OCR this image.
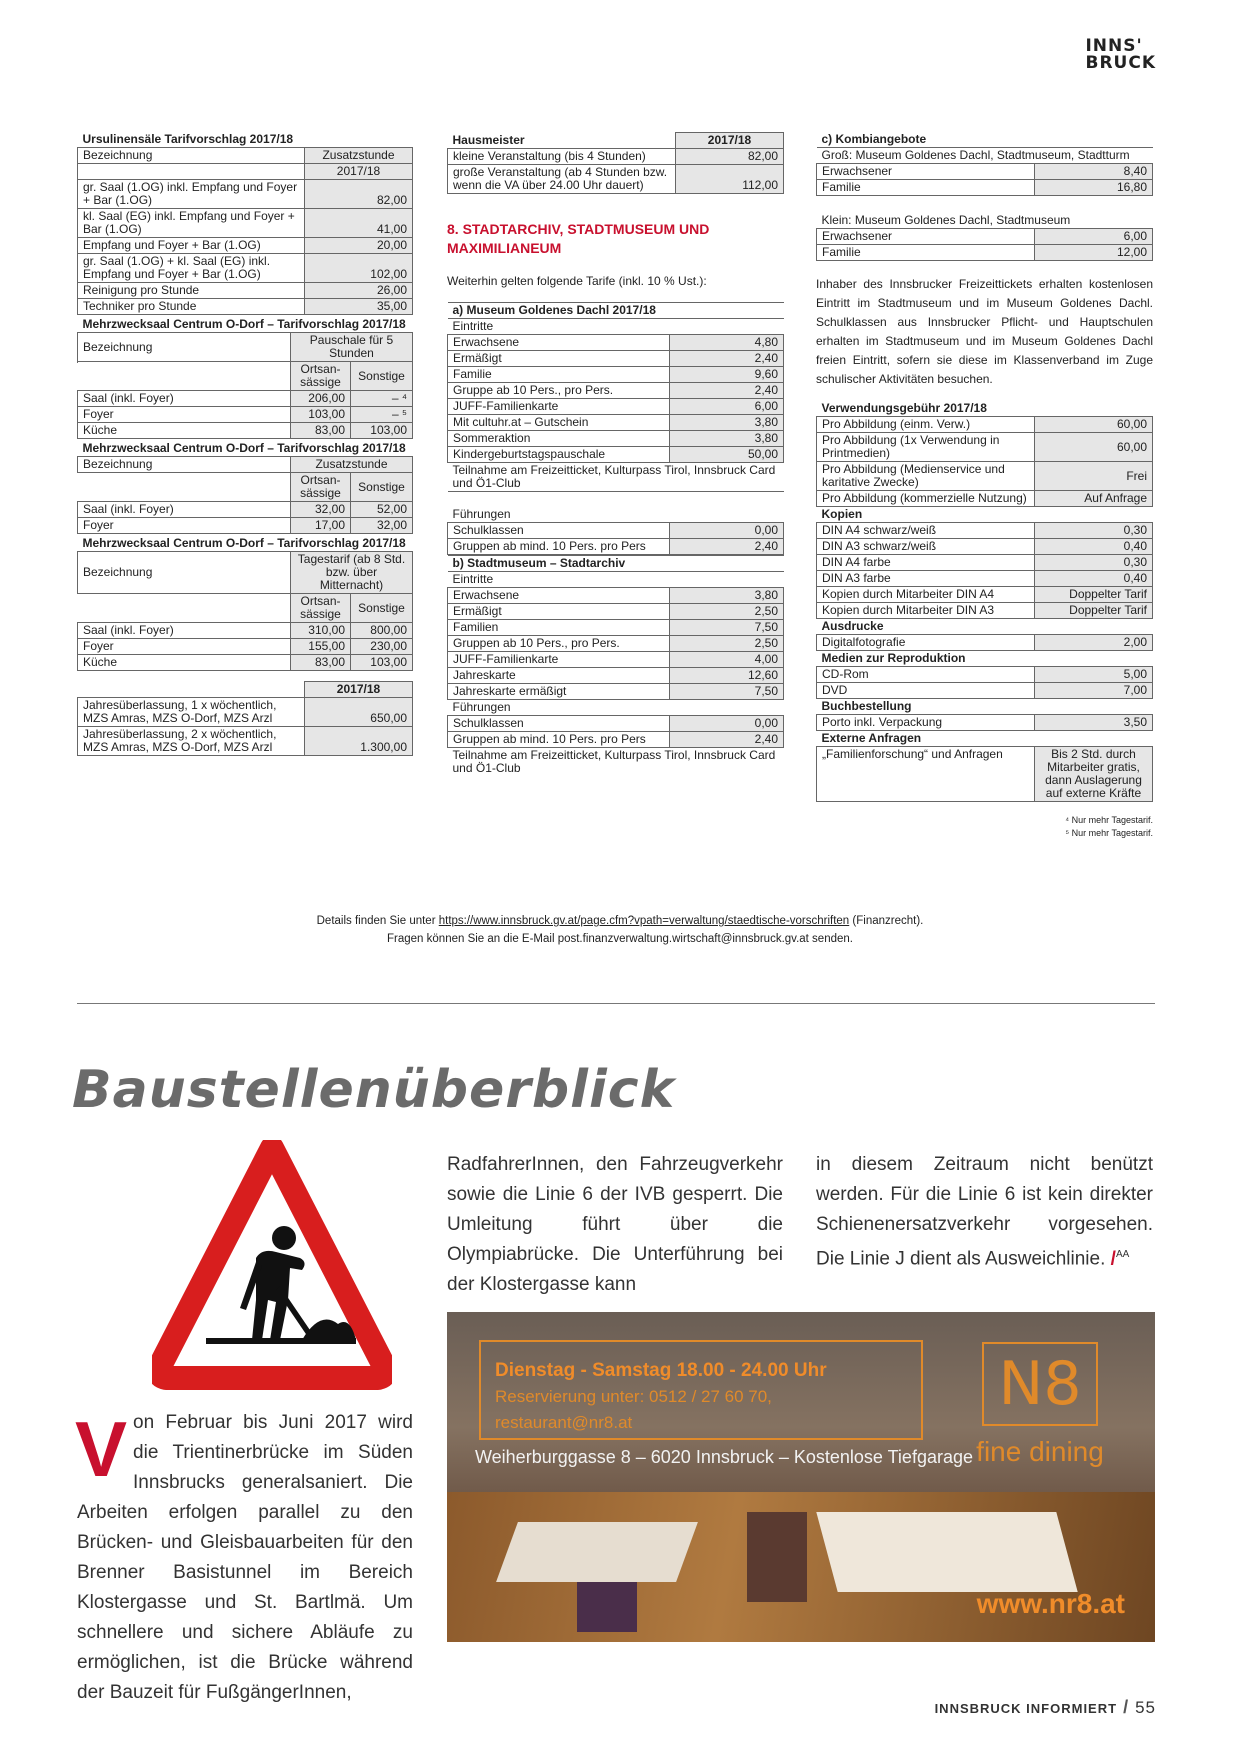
INNS'
BRUCK
Ursulinensäle Tarifvorschlag 2017/18	
Bezeichnung	Zusatzstunde
	2017/18
gr. Saal (1.OG) inkl. Empfang und Foyer + Bar (1.OG)	82,00
kl. Saal (EG) inkl. Empfang und Foyer + Bar (1.OG)	41,00
Empfang und Foyer + Bar (1.OG)	20,00
gr. Saal (1.OG) + kl. Saal (EG) inkl. Empfang und Foyer + Bar (1.OG)	102,00
Reinigung pro Stunde	26,00
Techniker pro Stunde	35,00
Mehrzwecksaal Centrum O-Dorf – Tarifvorschlag 2017/18		
Bezeichnung	Pauschale für 5 Stunden	

	Ortsan-sässige	Sonstige
Saal (inkl. Foyer)	206,00	– ⁴
Foyer	103,00	– ⁵
Küche	83,00	103,00
Mehrzwecksaal Centrum O-Dorf – Tarifvorschlag 2017/18		
Bezeichnung	Zusatzstunde	
	Ortsan-sässige	Sonstige
Saal (inkl. Foyer)	32,00	52,00
Foyer	17,00	32,00
Mehrzwecksaal Centrum O-Dorf – Tarifvorschlag 2017/18		
Bezeichnung	Tagestarif (ab 8 Std. bzw. über Mitternacht)	
	Ortsan-sässige	Sonstige
Saal (inkl. Foyer)	310,00	800,00
Foyer	155,00	230,00
Küche	83,00	103,00
	2017/18
Jahresüberlassung, 1 x wöchentlich, MZS Amras, MZS O-Dorf, MZS Arzl	650,00
Jahresüberlassung, 2 x wöchentlich, MZS Amras, MZS O-Dorf, MZS Arzl	1.300,00
Hausmeister	2017/18
kleine Veranstaltung (bis 4 Stunden)	82,00
große Veranstaltung (ab 4 Stunden bzw. wenn die VA über 24.00 Uhr dauert)	112,00
8. STADTARCHIV, STADTMUSEUM UND MAXIMILIANEUM
Weiterhin gelten folgende Tarife (inkl. 10 % Ust.):
a) Museum Goldenes Dachl 2017/18	
Eintritte	
Erwachsene	4,80
Ermäßigt	2,40
Familie	9,60
Gruppe ab 10 Pers., pro Pers.	2,40
JUFF-Familienkarte	6,00
Mit cultuhr.at – Gutschein	3,80
Sommeraktion	3,80
Kindergeburtstagspauschale	50,00
Teilnahme am Freizeitticket, Kulturpass Tirol, Innsbruck Card und Ö1-Club	
Führungen	
Schulklassen	0,00
Gruppen ab mind. 10 Pers. pro Pers	2,40
b) Stadtmuseum – Stadtarchiv	
Eintritte	
Erwachsene	3,80
Ermäßigt	2,50
Familien	7,50
Gruppen ab 10 Pers., pro Pers.	2,50
JUFF-Familienkarte	4,00
Jahreskarte	12,60
Jahreskarte ermäßigt	7,50
Führungen	
Schulklassen	0,00
Gruppen ab mind. 10 Pers. pro Pers	2,40
Teilnahme am Freizeitticket, Kulturpass Tirol, Innsbruck Card und Ö1-Club	
c) Kombiangebote	
Groß: Museum Goldenes Dachl, Stadtmuseum, Stadtturm	
Erwachsener	8,40
Familie	16,80
Klein: Museum Goldenes Dachl, Stadtmuseum	
Erwachsener	6,00
Familie	12,00

Inhaber des Innsbrucker Freizeittickets erhalten kostenlosen Eintritt im Stadtmuseum und im Museum Goldenes Dachl. Schulklassen aus Innsbrucker Pflicht- und Hauptschulen erhalten im Stadtmuseum und im Museum Goldenes Dachl freien Eintritt, sofern sie diese im Klassenverband im Zuge schulischer Aktivitäten besuchen.

Verwendungsgebühr 2017/18	
Pro Abbildung (einm. Verw.)	60,00
Pro Abbildung (1x Verwendung in Printmedien)	60,00
Pro Abbildung (Medienservice und karitative Zwecke)	Frei
Pro Abbildung (kommerzielle Nutzung)	Auf Anfrage
Kopien	
DIN A4 schwarz/weiß	0,30
DIN A3 schwarz/weiß	0,40
DIN A4 farbe	0,30
DIN A3 farbe	0,40
Kopien durch Mitarbeiter DIN A4	Doppelter Tarif
Kopien durch Mitarbeiter DIN A3	Doppelter Tarif
Ausdrucke	
Digitalfotografie	2,00
Medien zur Reproduktion	
CD-Rom	5,00
DVD	7,00
Buchbestellung	
Porto inkl. Verpackung	3,50
Externe Anfragen	
„Familienforschung“ und Anfragen	Bis 2 Std. durch Mitarbeiter gratis, dann Auslagerung auf externe Kräfte
⁴ Nur mehr Tagestarif.
⁵ Nur mehr Tagestarif.
Details finden Sie unter https://www.innsbruck.gv.at/page.cfm?vpath=verwaltung/staedtische-vorschriften (Finanzrecht).
Fragen können Sie an die E-Mail post.finanzverwaltung.wirtschaft@innsbruck.gv.at senden.
Baustellenüberblick
Von Februar bis Juni 2017 wird die Trientinerbrücke im Süden Innsbrucks generalsaniert. Die Arbeiten erfolgen parallel zu den Brücken- und Gleisbauarbeiten für den Brenner Basistunnel im Bereich Klostergasse und St. Bartlmä. Um schnellere und sichere Abläufe zu ermöglichen, ist die Brücke während der Bauzeit für FußgängerInnen,
RadfahrerInnen, den Fahrzeugverkehr sowie die Linie 6 der IVB gesperrt. Die Umleitung führt über die Olympiabrücke. Die Unterführung bei der Klostergasse kann
in diesem Zeitraum nicht benützt werden. Für die Linie 6 ist kein direkter Schienenersatzverkehr vorgesehen. Die Linie J dient als Ausweichlinie. /$^{AA}$
Dienstag - Samstag 18.00 - 24.00 Uhr
Reservierung unter: 0512 / 27 60 70, restaurant@nr8.at
Weiherburggasse 8 – 6020 Innsbruck – Kostenlose Tiefgarage
N8
fine dining
www.nr8.at
INNSBRUCK INFORMIERT / 55
